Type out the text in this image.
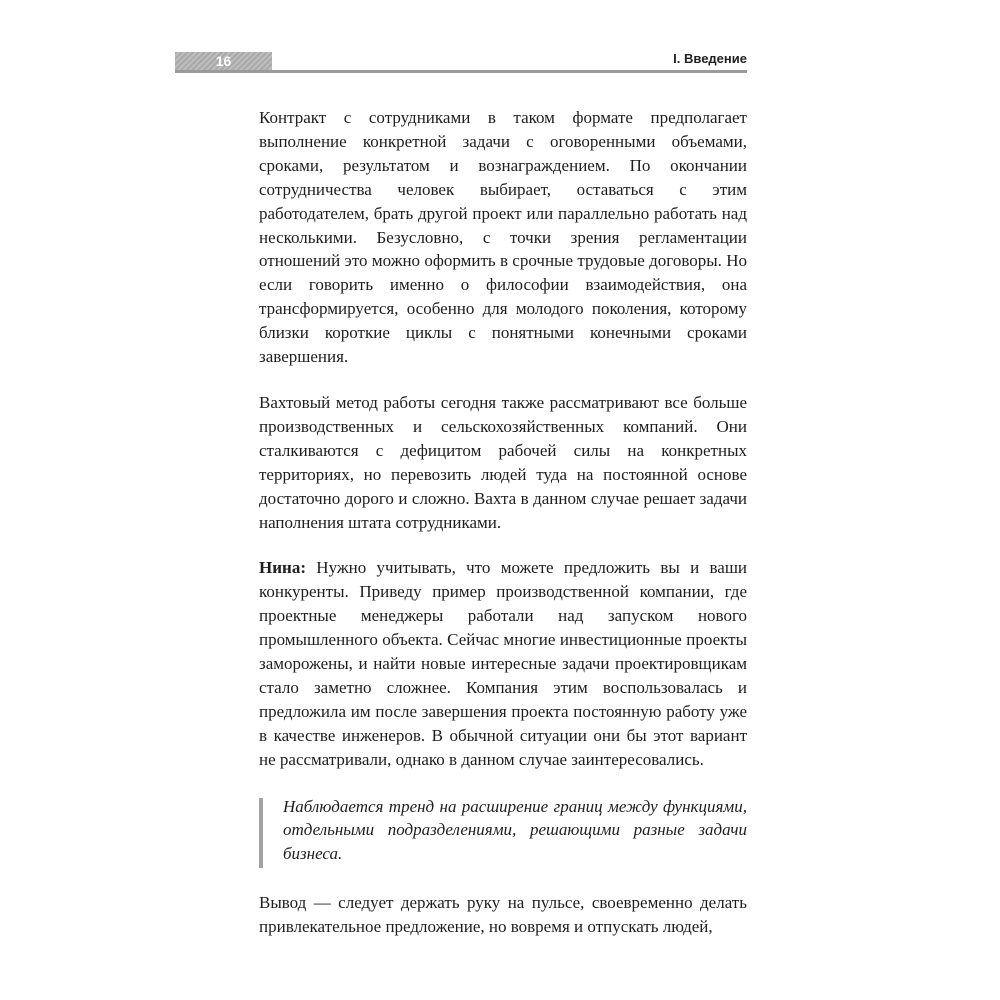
16	I. Введение

Контракт с сотрудниками в таком формате предполагает выполнение конкретной задачи с оговоренными объемами, сроками, результатом и вознаграждением. По окончании сотрудничества человек выбирает, оставаться с этим работодателем, брать другой проект или параллельно работать над несколькими. Безусловно, с точки зрения регламентации отношений это можно оформить в срочные трудовые договоры. Но если говорить именно о философии взаимодействия, она трансформируется, особенно для молодого поколения, которому близки короткие циклы с понятными конечными сроками завершения.

Вахтовый метод работы сегодня также рассматривают все больше производственных и сельскохозяйственных компаний. Они сталкиваются с дефицитом рабочей силы на конкретных территориях, но перевозить людей туда на постоянной основе достаточно дорого и сложно. Вахта в данном случае решает задачи наполнения штата сотрудниками.

Нина: Нужно учитывать, что можете предложить вы и ваши конкуренты. Приведу пример производственной компании, где проектные менеджеры работали над запуском нового промышленного объекта. Сейчас многие инвестиционные проекты заморожены, и найти новые интересные задачи проектировщикам стало заметно сложнее. Компания этим воспользовалась и предложила им после завершения проекта постоянную работу уже в качестве инженеров. В обычной ситуации они бы этот вариант не рассматривали, однако в данном случае заинтересовались.

Наблюдается тренд на расширение границ между функциями, отдельными подразделениями, решающими разные задачи бизнеса.

Вывод — следует держать руку на пульсе, своевременно делать привлекательное предложение, но вовремя и отпускать людей,
